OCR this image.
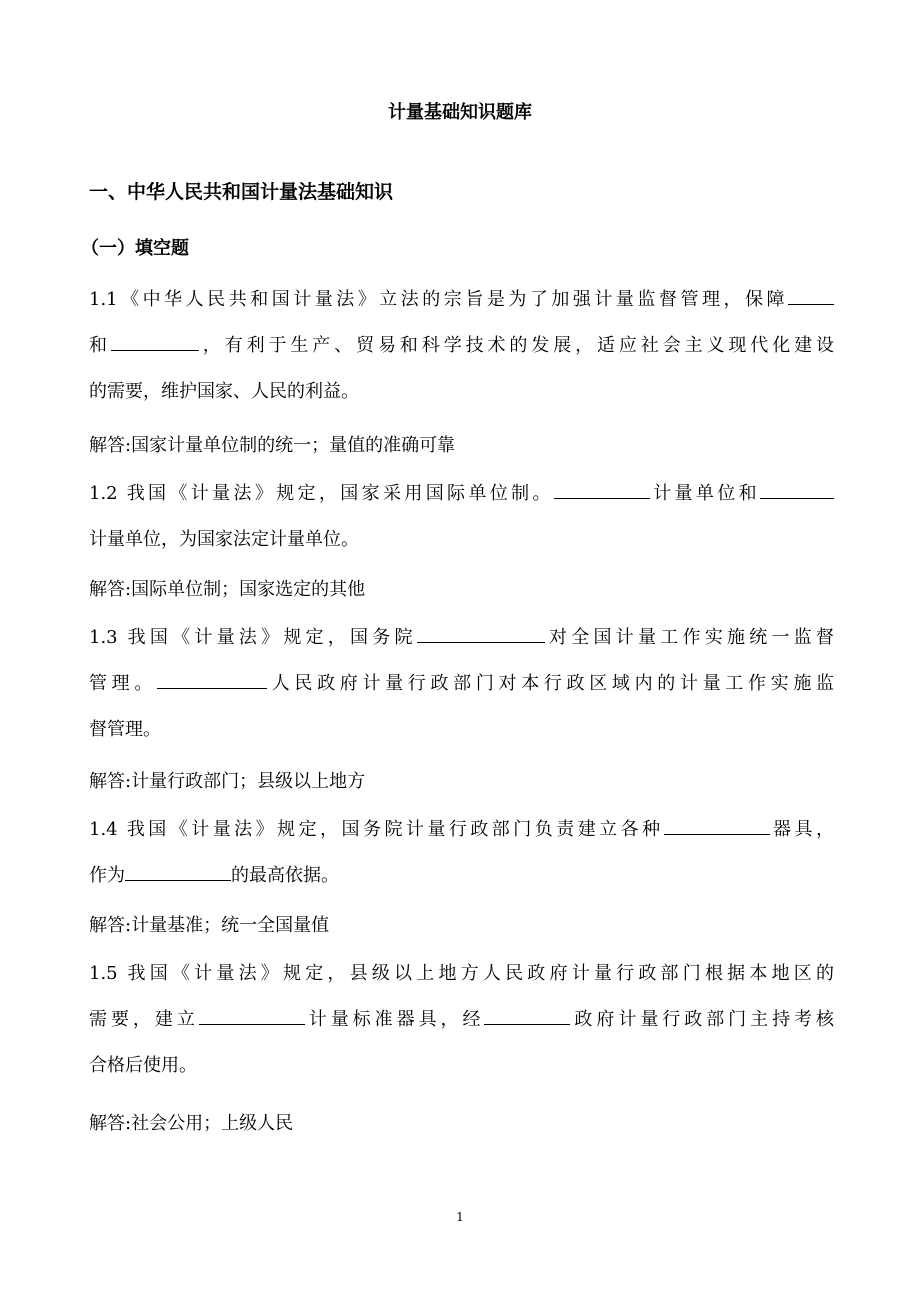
计量基础知识题库
一、中华人民共和国计量法基础知识
（一）填空题
1.1《中华人民共和国计量法》立法的宗旨是为了加强计量监督管理，保障
和	，有利于生产、贸易和科学技术的发展，适应社会主义现代化建设
的需要，维护国家、人民的利益。
解答:国家计量单位制的统一；量值的准确可靠
1.2 我国《计量法》规定，国家采用国际单位制。	计量单位和
计量单位，为国家法定计量单位。
解答:国际单位制；国家选定的其他
1.3 我国《计量法》规定，国务院	对全国计量工作实施统一监督
管理。	人民政府计量行政部门对本行政区域内的计量工作实施监
督管理。
解答:计量行政部门；县级以上地方
1.4 我国《计量法》规定，国务院计量行政部门负责建立各种	器具，
作为	的最高依据。
解答:计量基准；统一全国量值
1.5 我国《计量法》规定，县级以上地方人民政府计量行政部门根据本地区的
需要，建立	计量标准器具，经	政府计量行政部门主持考核
合格后使用。
解答:社会公用；上级人民
1
